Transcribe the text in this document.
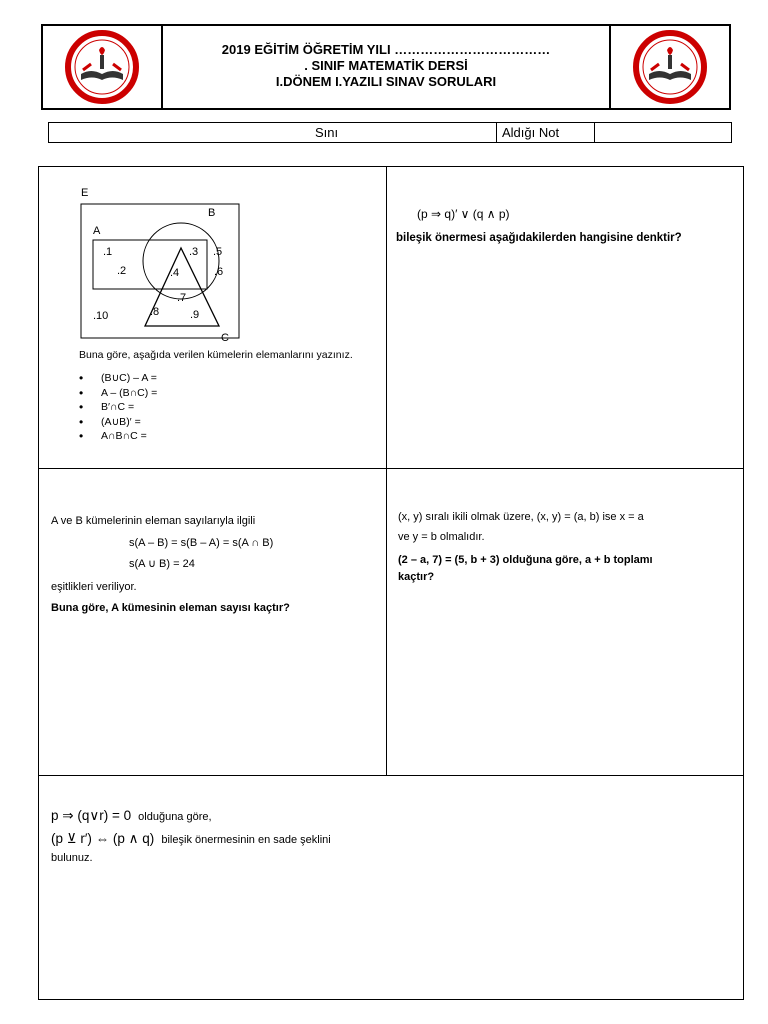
2019 EĞİTİM ÖĞRETİM YILI ………………………………
. SINIF MATEMATİK DERSİ
I.DÖNEM I.YAZILI SINAV SORULARI
Sını	Aldığı Not
E
B
A
C
.1
.2
.3
.4
.5
.6
.7
.8	.9
.10
Buna göre, aşağıda verilen kümelerin elemanlarını yazınız.
• (B∪C) – A =
• A – (B∩C) =
• B′∩C =
• (A∪B)′ =
• A∩B∩C =
(p ⇒ q)′ ∨ (q ∧ p)
bileşik önermesi aşağıdakilerden hangisine denktir?
A ve B kümelerinin eleman sayılarıyla ilgili
s(A – B) = s(B – A) = s(A ∩ B)
s(A ∪ B) = 24
eşitlikleri veriliyor.
Buna göre, A kümesinin eleman sayısı kaçtır?
(x, y) sıralı ikili olmak üzere, (x, y) = (a, b) ise x = a
ve y = b olmalıdır.
(2 – a, 7) = (5, b + 3) olduğuna göre, a + b toplamı
kaçtır?
p ⇒ (q∨r) = 0 olduğuna göre,
(p ⊻ r′) ⇔ (p ∧ q) bileşik önermesinin en sade şeklini
bulunuz.
